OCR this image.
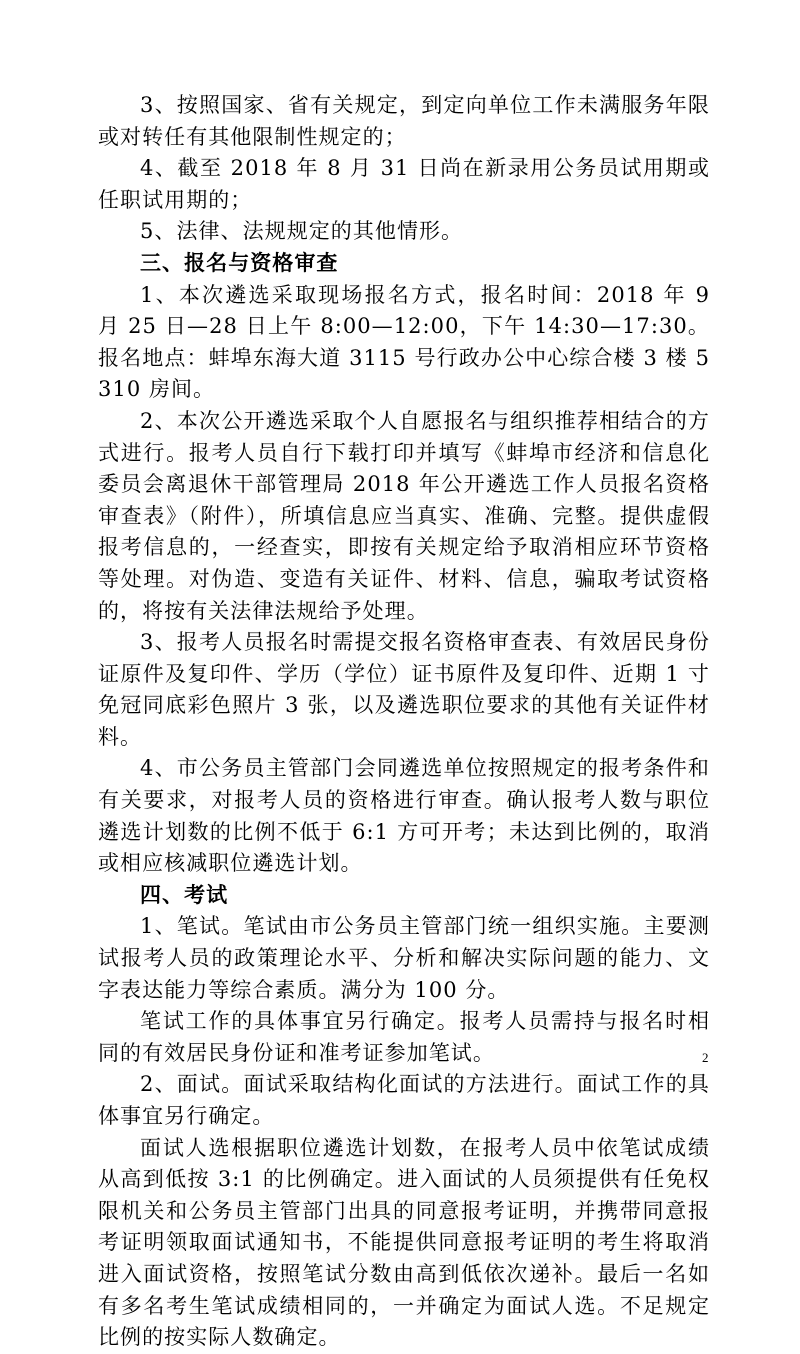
3、按照国家、省有关规定，到定向单位工作未满服务年限或对转任有其他限制性规定的；

4、截至 2018 年 8 月 31 日尚在新录用公务员试用期或任职试用期的；

5、法律、法规规定的其他情形。

三、报名与资格审查

1、本次遴选采取现场报名方式，报名时间：2018 年 9 月 25 日—28 日上午 8:00—12:00，下午 14:30—17:30。报名地点：蚌埠东海大道 3115 号行政办公中心综合楼 3 楼 5310 房间。

2、本次公开遴选采取个人自愿报名与组织推荐相结合的方式进行。报考人员自行下载打印并填写《蚌埠市经济和信息化委员会离退休干部管理局 2018 年公开遴选工作人员报名资格审查表》（附件），所填信息应当真实、准确、完整。提供虚假报考信息的，一经查实，即按有关规定给予取消相应环节资格等处理。对伪造、变造有关证件、材料、信息，骗取考试资格的，将按有关法律法规给予处理。

3、报考人员报名时需提交报名资格审查表、有效居民身份证原件及复印件、学历（学位）证书原件及复印件、近期 1 寸免冠同底彩色照片 3 张，以及遴选职位要求的其他有关证件材料。

4、市公务员主管部门会同遴选单位按照规定的报考条件和有关要求，对报考人员的资格进行审查。确认报考人数与职位遴选计划数的比例不低于 6:1 方可开考；未达到比例的，取消或相应核减职位遴选计划。

四、考试

1、笔试。笔试由市公务员主管部门统一组织实施。主要测试报考人员的政策理论水平、分析和解决实际问题的能力、文字表达能力等综合素质。满分为 100 分。

笔试工作的具体事宜另行确定。报考人员需持与报名时相同的有效居民身份证和准考证参加笔试。

2、面试。面试采取结构化面试的方法进行。面试工作的具体事宜另行确定。

面试人选根据职位遴选计划数，在报考人员中依笔试成绩从高到低按 3:1 的比例确定。进入面试的人员须提供有任免权限机关和公务员主管部门出具的同意报考证明，并携带同意报考证明领取面试通知书，不能提供同意报考证明的考生将取消进入面试资格，按照笔试分数由高到低依次递补。最后一名如有多名考生笔试成绩相同的，一并确定为面试人选。不足规定比例的按实际人数确定。

2
